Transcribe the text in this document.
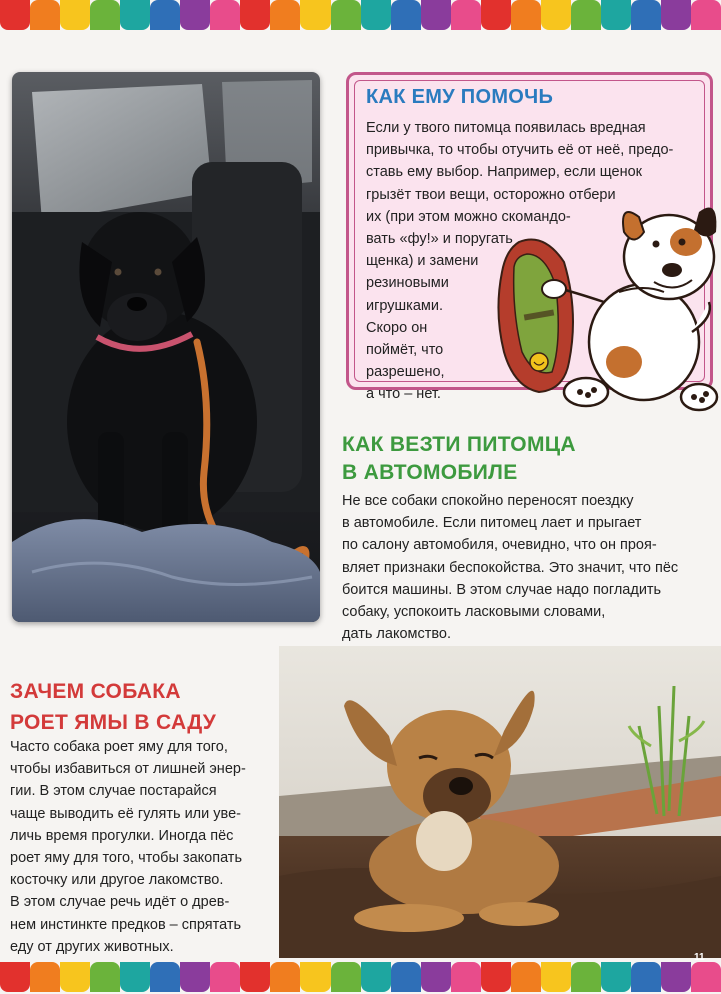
КАК ЕМУ ПОМОЧЬ
Если у твого питомца появилась вредная
привычка, то чтобы отучить её от неё, предо-
ставь ему выбор. Например, если щенок
грызёт твои вещи, осторожно отбери
их (при этом можно скомандо-
вать «фу!» и поругать
щенка) и замени
резиновыми
игрушками.
Скоро он
поймёт, что
разрешено,
а что – нет.
КАК ВЕЗТИ ПИТОМЦА
В АВТОМОБИЛЕ
Не все собаки спокойно переносят поездку
в автомобиле. Если питомец лает и прыгает
по салону автомобиля, очевидно, что он проя-
вляет признаки беспокойства. Это значит, что пёс
боится машины. В этом случае надо погладить
собаку, успокоить ласковыми словами,
дать лакомство.
ЗАЧЕМ СОБАКА
РОЕТ ЯМЫ В САДУ
Часто собака роет яму для того,
чтобы избавиться от лишней энер-
гии. В этом случае постарайся
чаще выводить её гулять или уве-
личь время прогулки. Иногда пёс
роет яму для того, чтобы закопать
косточку или другое лакомство.
В этом случае речь идёт о древ-
нем инстинкте предков – спрятать
еду от других животных.
11
